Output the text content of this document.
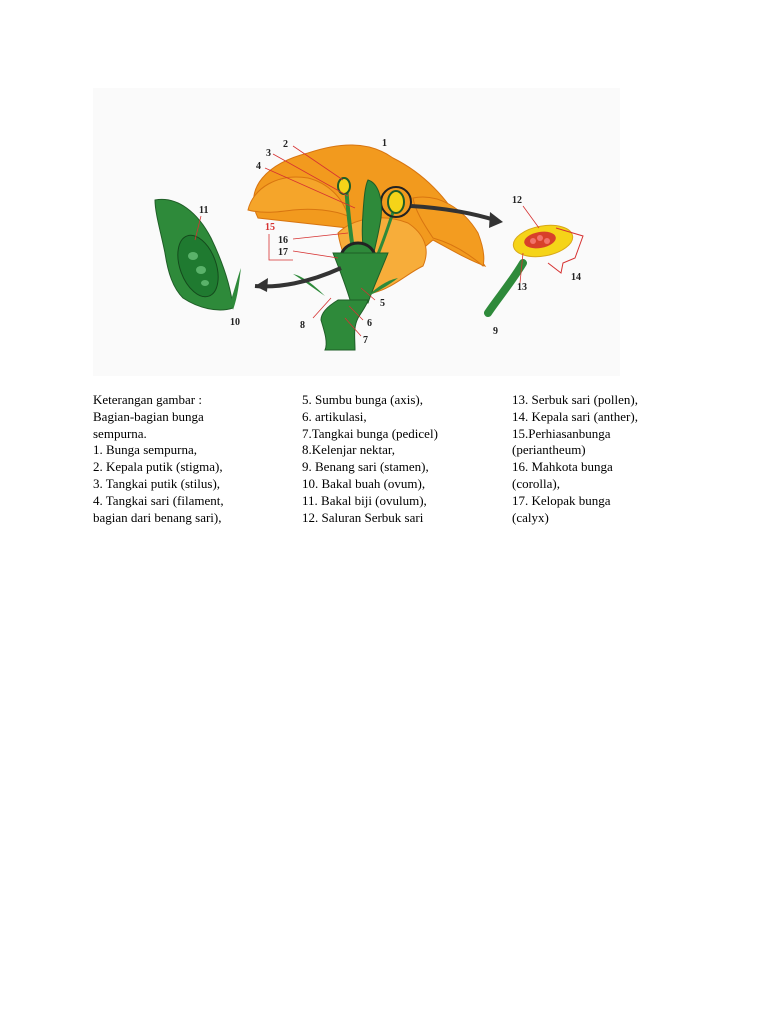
1
2
3
4
5
6
7
8
9
10
11
12
13
14
15
16
17
Keterangan gambar :
Bagian-bagian bunga
sempurna.
1. Bunga sempurna,
2. Kepala putik (stigma),
3. Tangkai putik (stilus),
4. Tangkai sari (filament,
bagian dari benang sari),
5. Sumbu bunga (axis),
6. artikulasi,
7.Tangkai bunga (pedicel)
8.Kelenjar nektar,
9. Benang sari (stamen),
10. Bakal buah (ovum),
11. Bakal biji (ovulum),
12. Saluran Serbuk sari
13. Serbuk sari (pollen),
14. Kepala sari (anther),
15.Perhiasanbunga
(periantheum)
16. Mahkota bunga
(corolla),
17. Kelopak bunga
(calyx)
